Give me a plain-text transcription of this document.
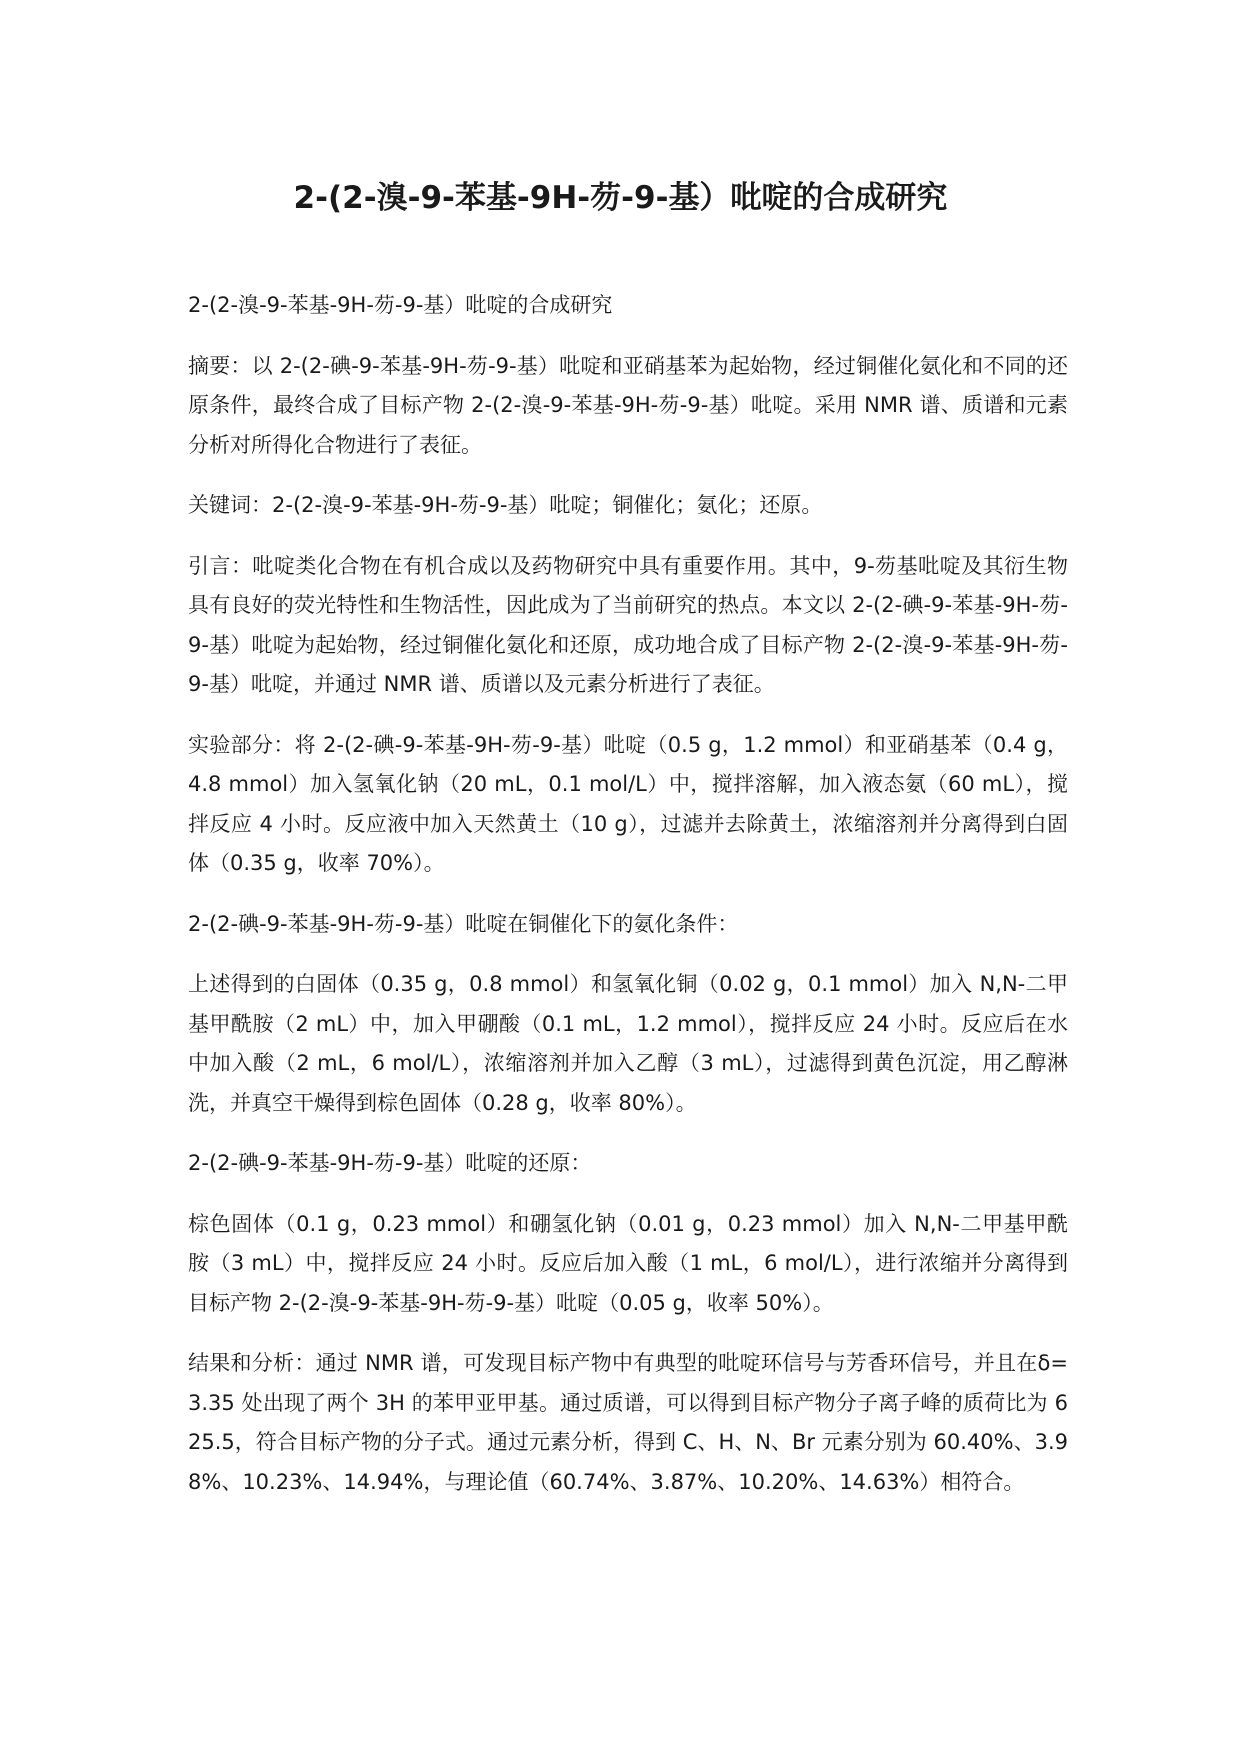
2-(2-溴-9-苯基-9H-芴-9-基）吡啶的合成研究

2-(2-溴-9-苯基-9H-芴-9-基）吡啶的合成研究

摘要：以 2-(2-碘-9-苯基-9H-芴-9-基）吡啶和亚硝基苯为起始物，经过铜催化氨化和不同的还原条件，最终合成了目标产物 2-(2-溴-9-苯基-9H-芴-9-基）吡啶。采用 NMR 谱、质谱和元素分析对所得化合物进行了表征。

关键词：2-(2-溴-9-苯基-9H-芴-9-基）吡啶；铜催化；氨化；还原。

引言：吡啶类化合物在有机合成以及药物研究中具有重要作用。其中，9-芴基吡啶及其衍生物具有良好的荧光特性和生物活性，因此成为了当前研究的热点。本文以 2-(2-碘-9-苯基-9H-芴-9-基）吡啶为起始物，经过铜催化氨化和还原，成功地合成了目标产物 2-(2-溴-9-苯基-9H-芴-9-基）吡啶，并通过 NMR 谱、质谱以及元素分析进行了表征。

实验部分：将 2-(2-碘-9-苯基-9H-芴-9-基）吡啶（0.5 g，1.2 mmol）和亚硝基苯（0.4 g，4.8 mmol）加入氢氧化钠（20 mL，0.1 mol/L）中，搅拌溶解，加入液态氨（60 mL），搅拌反应 4 小时。反应液中加入天然黄土（10 g），过滤并去除黄土，浓缩溶剂并分离得到白固体（0.35 g，收率 70%）。

2-(2-碘-9-苯基-9H-芴-9-基）吡啶在铜催化下的氨化条件：

上述得到的白固体（0.35 g，0.8 mmol）和氢氧化铜（0.02 g，0.1 mmol）加入 N,N-二甲基甲酰胺（2 mL）中，加入甲硼酸（0.1 mL，1.2 mmol），搅拌反应 24 小时。反应后在水中加入酸（2 mL，6 mol/L），浓缩溶剂并加入乙醇（3 mL），过滤得到黄色沉淀，用乙醇淋洗，并真空干燥得到棕色固体（0.28 g，收率 80%）。

2-(2-碘-9-苯基-9H-芴-9-基）吡啶的还原：

棕色固体（0.1 g，0.23 mmol）和硼氢化钠（0.01 g，0.23 mmol）加入 N,N-二甲基甲酰胺（3 mL）中，搅拌反应 24 小时。反应后加入酸（1 mL，6 mol/L），进行浓缩并分离得到目标产物 2-(2-溴-9-苯基-9H-芴-9-基）吡啶（0.05 g，收率 50%）。

结果和分析：通过 NMR 谱，可发现目标产物中有典型的吡啶环信号与芳香环信号，并且在δ=3.35 处出现了两个 3H 的苯甲亚甲基。通过质谱，可以得到目标产物分子离子峰的质荷比为 625.5，符合目标产物的分子式。通过元素分析，得到 C、H、N、Br 元素分别为 60.40%、3.98%、10.23%、14.94%，与理论值（60.74%、3.87%、10.20%、14.63%）相符合。
